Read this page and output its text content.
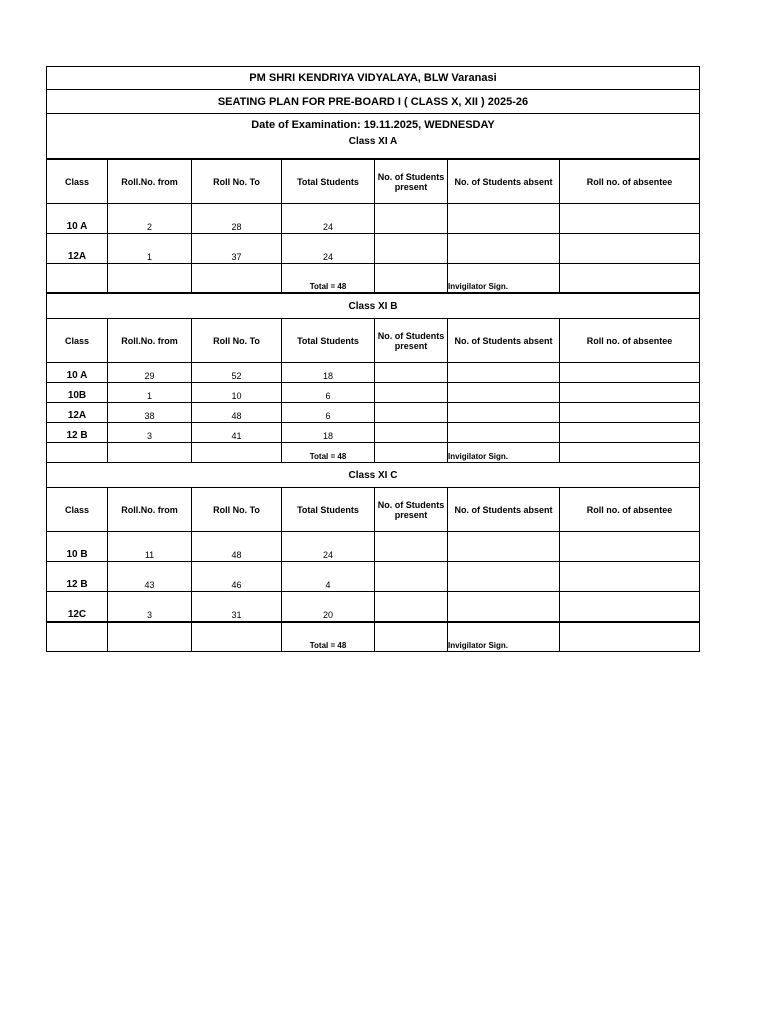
PM SHRI KENDRIYA VIDYALAYA, BLW Varanasi						
SEATING PLAN FOR PRE-BOARD I ( CLASS X, XII ) 2025-26						
Date of Examination: 19.11.2025, WEDNESDAY						
Class XI A						
Class	Roll.No. from	Roll No. To	Total Students	No. of Students present	No. of Students absent	Roll no. of absentee
10 A	2	28	24			
12A	1	37	24			
			Total = 48		Invigilator Sign.	
Class XI B						
Class	Roll.No. from	Roll No. To	Total Students	No. of Students present	No. of Students absent	Roll no. of absentee
10 A	29	52	18			
10B	1	10	6			
12A	38	48	6			
12 B	3	41	18			
			Total = 48		Invigilator Sign.	
Class XI C						
Class	Roll.No. from	Roll No. To	Total Students	No. of Students present	No. of Students absent	Roll no. of absentee
10 B	11	48	24			
12 B	43	46	4			
12C	3	31	20			
			Total = 48		Invigilator Sign.	
